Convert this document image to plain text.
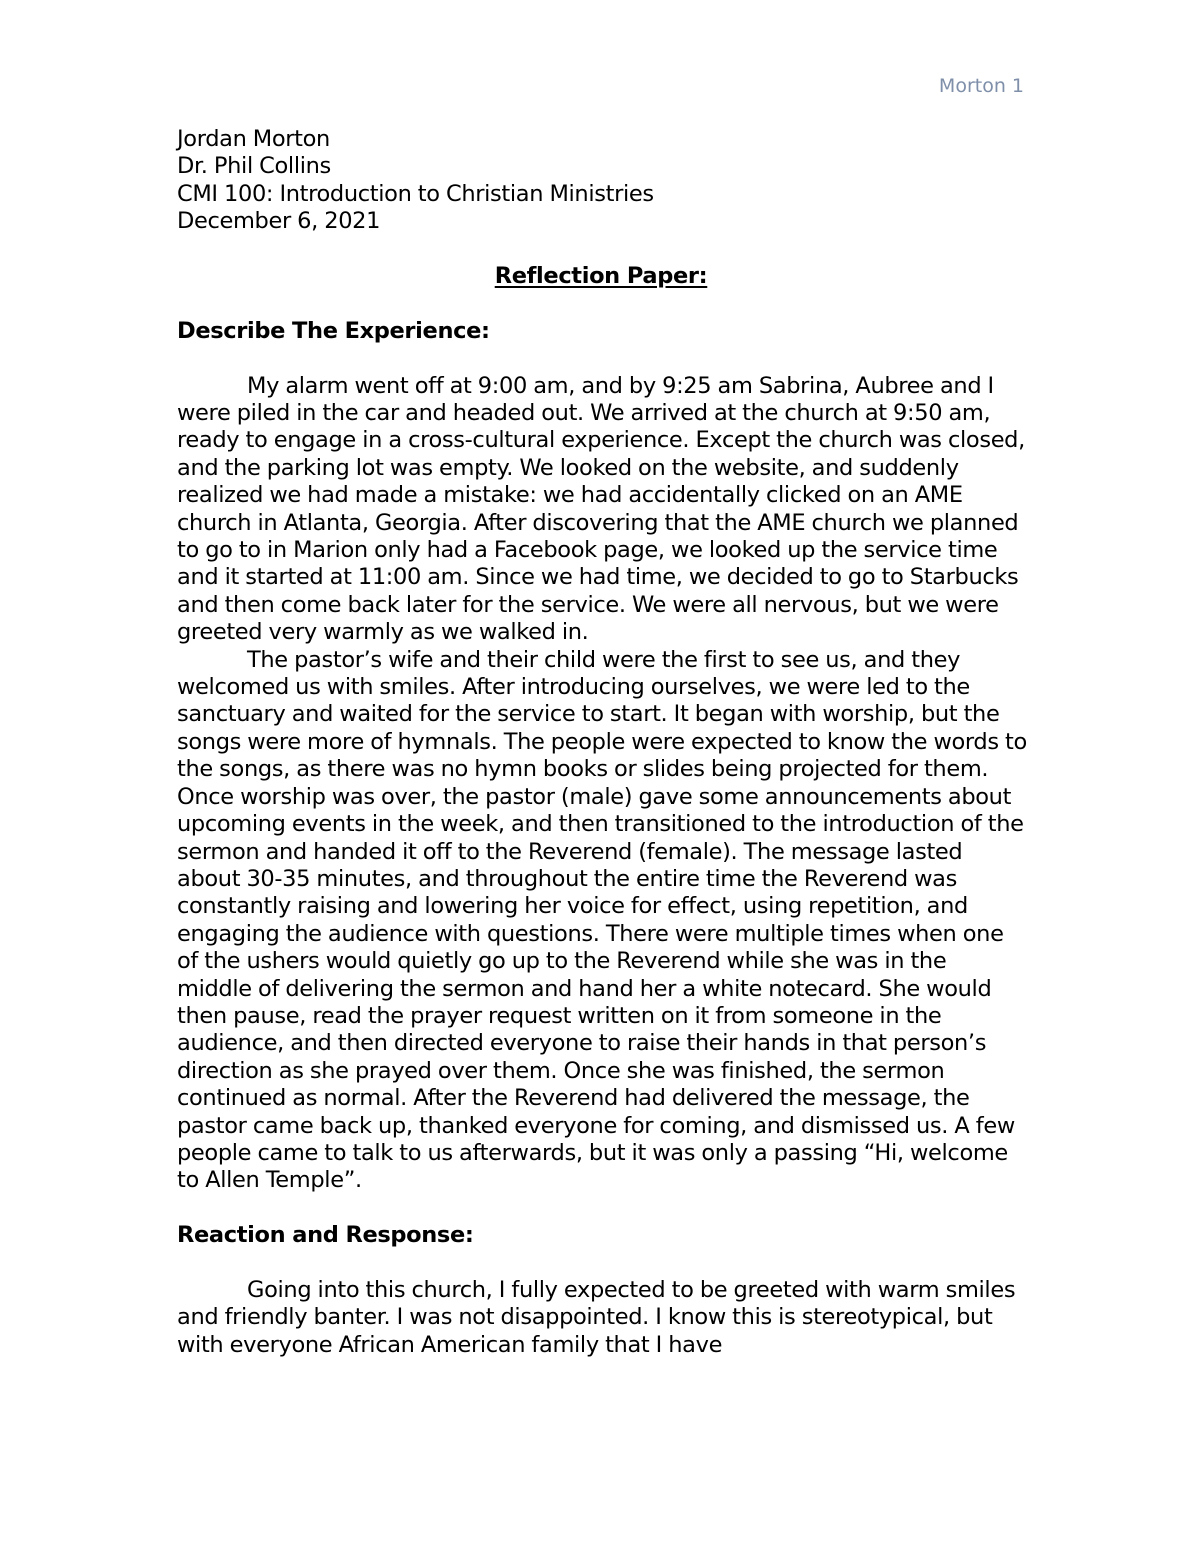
Morton 1
Jordan Morton
Dr. Phil Collins
CMI 100: Introduction to Christian Ministries
December 6, 2021
Reflection Paper:
Describe The Experience:

My alarm went off at 9:00 am, and by 9:25 am Sabrina, Aubree and I were piled in the car and headed out. We arrived at the church at 9:50 am, ready to engage in a cross-cultural experience. Except the church was closed, and the parking lot was empty. We looked on the website, and suddenly realized we had made a mistake: we had accidentally clicked on an AME church in Atlanta, Georgia. After discovering that the AME church we planned to go to in Marion only had a Facebook page, we looked up the service time and it started at 11:00 am. Since we had time, we decided to go to Starbucks and then come back later for the service. We were all nervous, but we were greeted very warmly as we walked in.

The pastor’s wife and their child were the first to see us, and they welcomed us with smiles. After introducing ourselves, we were led to the sanctuary and waited for the service to start. It began with worship, but the songs were more of hymnals. The people were expected to know the words to the songs, as there was no hymn books or slides being projected for them. Once worship was over, the pastor (male) gave some announcements about upcoming events in the week, and then transitioned to the introduction of the sermon and handed it off to the Reverend (female). The message lasted about 30-35 minutes, and throughout the entire time the Reverend was constantly raising and lowering her voice for effect, using repetition, and engaging the audience with questions. There were multiple times when one of the ushers would quietly go up to the Reverend while she was in the middle of delivering the sermon and hand her a white notecard. She would then pause, read the prayer request written on it from someone in the audience, and then directed everyone to raise their hands in that person’s direction as she prayed over them. Once she was finished, the sermon continued as normal. After the Reverend had delivered the message, the pastor came back up, thanked everyone for coming, and dismissed us. A few people came to talk to us afterwards, but it was only a passing “Hi, welcome to Allen Temple”.

Reaction and Response:

Going into this church, I fully expected to be greeted with warm smiles and friendly banter. I was not disappointed. I know this is stereotypical, but with everyone African American family that I have
